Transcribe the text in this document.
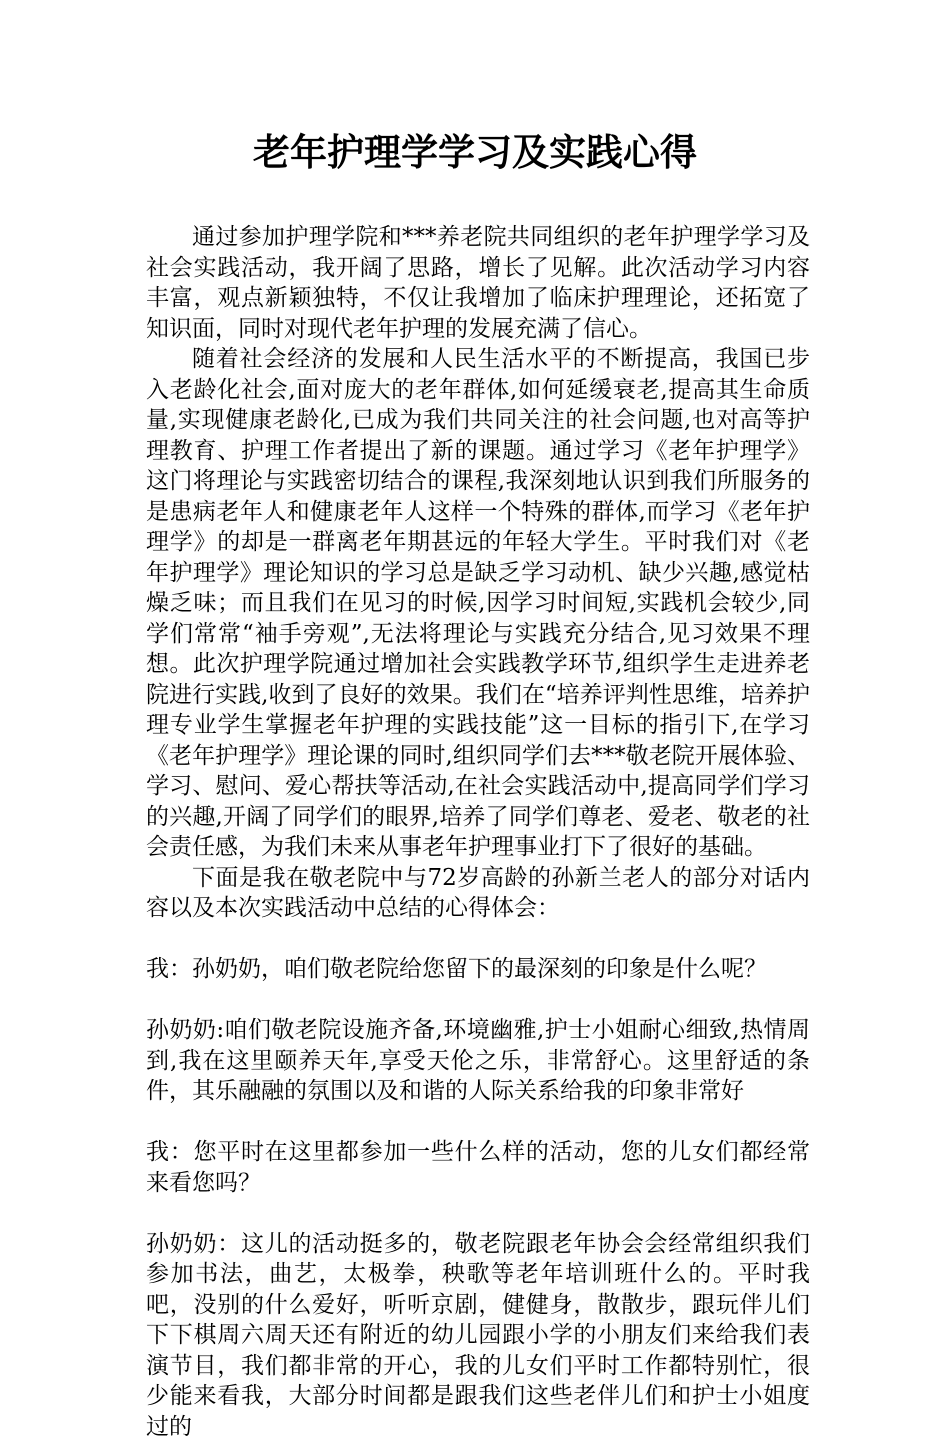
老年护理学学习及实践心得

通过参加护理学院和***养老院共同组织的老年护理学学习及社会实践活动，我开阔了思路，增长了见解。此次活动学习内容丰富，观点新颖独特，不仅让我增加了临床护理理论，还拓宽了知识面，同时对现代老年护理的发展充满了信心。

随着社会经济的发展和人民生活水平的不断提高，我国已步入老龄化社会,面对庞大的老年群体,如何延缓衰老,提高其生命质量,实现健康老龄化,已成为我们共同关注的社会问题,也对高等护理教育、护理工作者提出了新的课题。通过学习《老年护理学》这门将理论与实践密切结合的课程,我深刻地认识到我们所服务的是患病老年人和健康老年人这样一个特殊的群体,而学习《老年护理学》的却是一群离老年期甚远的年轻大学生。平时我们对《老年护理学》理论知识的学习总是缺乏学习动机、缺少兴趣,感觉枯燥乏味；而且我们在见习的时候,因学习时间短,实践机会较少,同学们常常“袖手旁观”,无法将理论与实践充分结合,见习效果不理想。此次护理学院通过增加社会实践教学环节,组织学生走进养老院进行实践,收到了良好的效果。我们在“培养评判性思维，培养护理专业学生掌握老年护理的实践技能”这一目标的指引下,在学习《老年护理学》理论课的同时,组织同学们去***敬老院开展体验、学习、慰问、爱心帮扶等活动,在社会实践活动中,提高同学们学习的兴趣,开阔了同学们的眼界,培养了同学们尊老、爱老、敬老的社会责任感，为我们未来从事老年护理事业打下了很好的基础。

下面是我在敬老院中与72岁高龄的孙新兰老人的部分对话内容以及本次实践活动中总结的心得体会：

我：孙奶奶，咱们敬老院给您留下的最深刻的印象是什么呢？

孙奶奶:咱们敬老院设施齐备,环境幽雅,护士小姐耐心细致,热情周到,我在这里颐养天年,享受天伦之乐，非常舒心。这里舒适的条件，其乐融融的氛围以及和谐的人际关系给我的印象非常好

我：您平时在这里都参加一些什么样的活动，您的儿女们都经常来看您吗？

孙奶奶：这儿的活动挺多的，敬老院跟老年协会会经常组织我们参加书法，曲艺，太极拳，秧歌等老年培训班什么的。平时我吧，没别的什么爱好，听听京剧，健健身，散散步，跟玩伴儿们下下棋周六周天还有附近的幼儿园跟小学的小朋友们来给我们表演节目，我们都非常的开心，我的儿女们平时工作都特别忙，很少能来看我，大部分时间都是跟我们这些老伴儿们和护士小姐度过的
